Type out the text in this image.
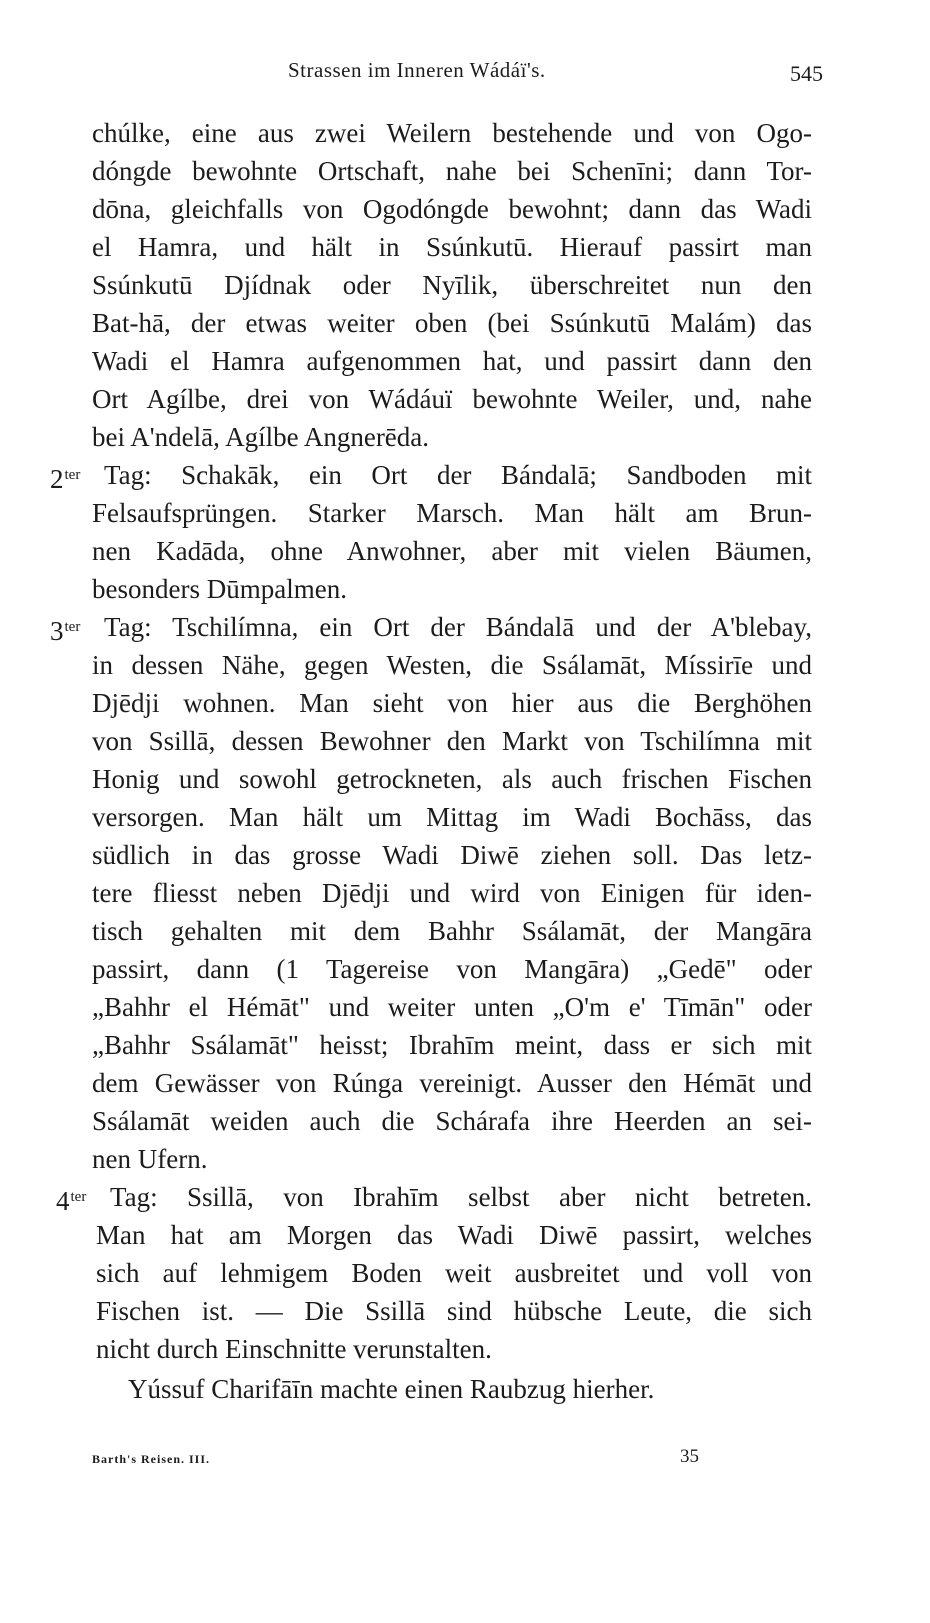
Strassen im Inneren Wádáï's.	545
chúlke, eine aus zwei Weilern bestehende und von Ogo-
dóngde bewohnte Ortschaft, nahe bei Schenīni; dann Tor-
dōna, gleichfalls von Ogodóngde bewohnt; dann das Wadi
el Hamra, und hält in Ssúnkutū. Hierauf passirt man
Ssúnkutū Djídnak oder Nyīlik, überschreitet nun den
Bat-hā, der etwas weiter oben (bei Ssúnkutū Malám) das
Wadi el Hamra aufgenommen hat, und passirt dann den
Ort Agílbe, drei von Wádáuï bewohnte Weiler, und, nahe
bei A'ndelā, Agílbe Angnerēda.
$2^{ter}$ Tag: Schakāk, ein Ort der Bándalā; Sandboden mit
Felsaufsprüngen. Starker Marsch. Man hält am Brun-
nen Kadāda, ohne Anwohner, aber mit vielen Bäumen,
besonders Dūmpalmen.
$3^{ter}$ Tag: Tschilímna, ein Ort der Bándalā und der A'blebay,
in dessen Nähe, gegen Westen, die Ssálamāt, Míssirīe und
Djēdji wohnen. Man sieht von hier aus die Berghöhen
von Ssillā, dessen Bewohner den Markt von Tschilímna mit
Honig und sowohl getrockneten, als auch frischen Fischen
versorgen. Man hält um Mittag im Wadi Bochāss, das
südlich in das grosse Wadi Diwē ziehen soll. Das letz-
tere fliesst neben Djēdji und wird von Einigen für iden-
tisch gehalten mit dem Bahhr Ssálamāt, der Mangāra
passirt, dann (1 Tagereise von Mangāra) „Gedē" oder
„Bahhr el Hémāt" und weiter unten „O'm e' Tīmān" oder
„Bahhr Ssálamāt" heisst; Ibrahīm meint, dass er sich mit
dem Gewässer von Rúnga vereinigt. Ausser den Hémāt und
Ssálamāt weiden auch die Schárafa ihre Heerden an sei-
nen Ufern.
$4^{ter}$ Tag: Ssillā, von Ibrahīm selbst aber nicht betreten.
Man hat am Morgen das Wadi Diwē passirt, welches
sich auf lehmigem Boden weit ausbreitet und voll von
Fischen ist. — Die Ssillā sind hübsche Leute, die sich
nicht durch Einschnitte verunstalten.
Yússuf Charifāīn machte einen Raubzug hierher.
Barth's Reisen. III.	35
